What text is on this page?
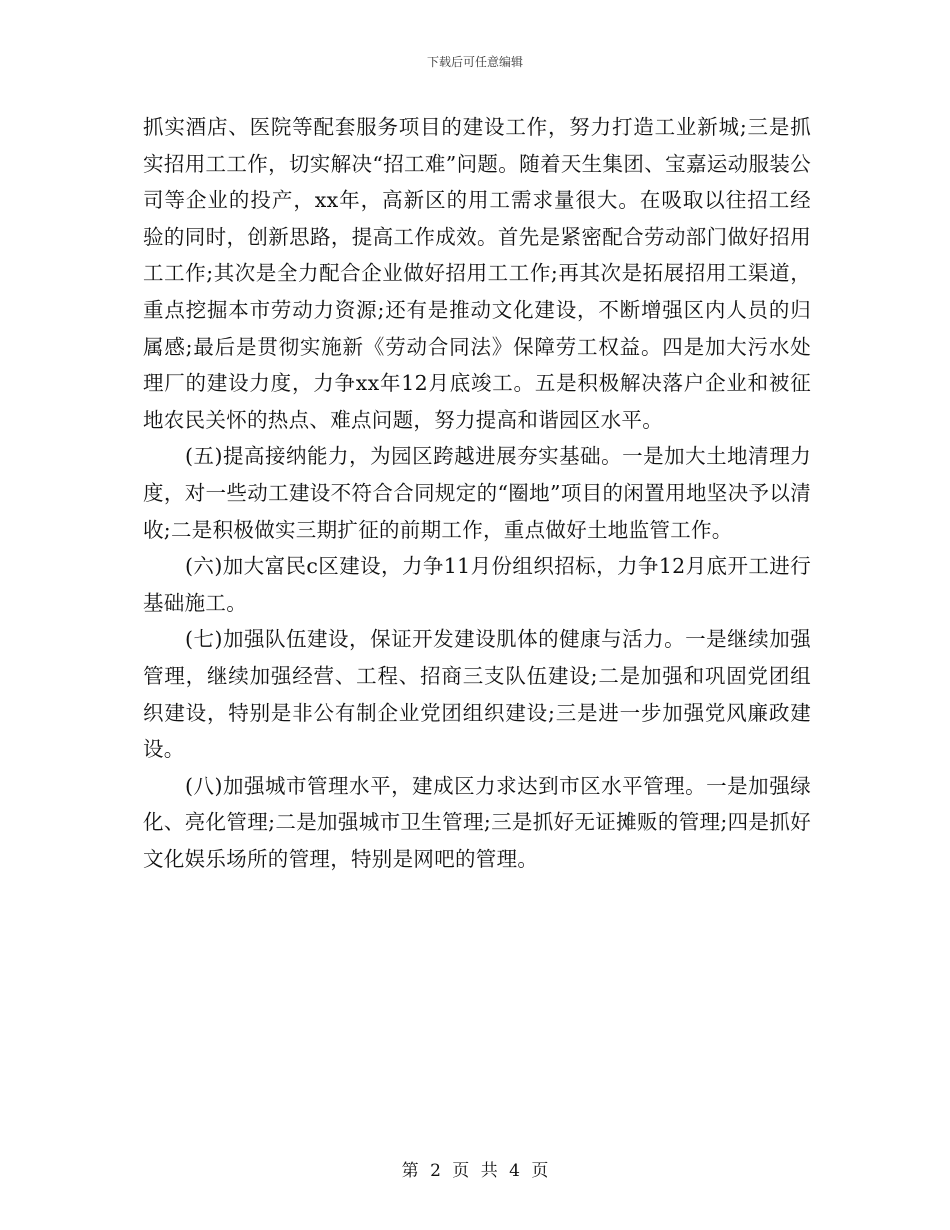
下载后可任意编辑

抓实酒店、医院等配套服务项目的建设工作，努力打造工业新城;三是抓实招用工工作，切实解决“招工难”问题。随着天生集团、宝嘉运动服装公司等企业的投产，xx年，高新区的用工需求量很大。在吸取以往招工经验的同时，创新思路，提高工作成效。首先是紧密配合劳动部门做好招用工工作;其次是全力配合企业做好招用工工作;再其次是拓展招用工渠道，重点挖掘本市劳动力资源;还有是推动文化建设，不断增强区内人员的归属感;最后是贯彻实施新《劳动合同法》保障劳工权益。四是加大污水处理厂的建设力度，力争xx年12月底竣工。五是积极解决落户企业和被征地农民关怀的热点、难点问题，努力提高和谐园区水平。

(五)提高接纳能力，为园区跨越进展夯实基础。一是加大土地清理力度，对一些动工建设不符合合同规定的“圈地”项目的闲置用地坚决予以清收;二是积极做实三期扩征的前期工作，重点做好土地监管工作。

(六)加大富民c区建设，力争11月份组织招标，力争12月底开工进行基础施工。

(七)加强队伍建设，保证开发建设肌体的健康与活力。一是继续加强管理，继续加强经营、工程、招商三支队伍建设;二是加强和巩固党团组织建设，特别是非公有制企业党团组织建设;三是进一步加强党风廉政建设。

(八)加强城市管理水平，建成区力求达到市区水平管理。一是加强绿化、亮化管理;二是加强城市卫生管理;三是抓好无证摊贩的管理;四是抓好文化娱乐场所的管理，特别是网吧的管理。

第 2 页 共 4 页
